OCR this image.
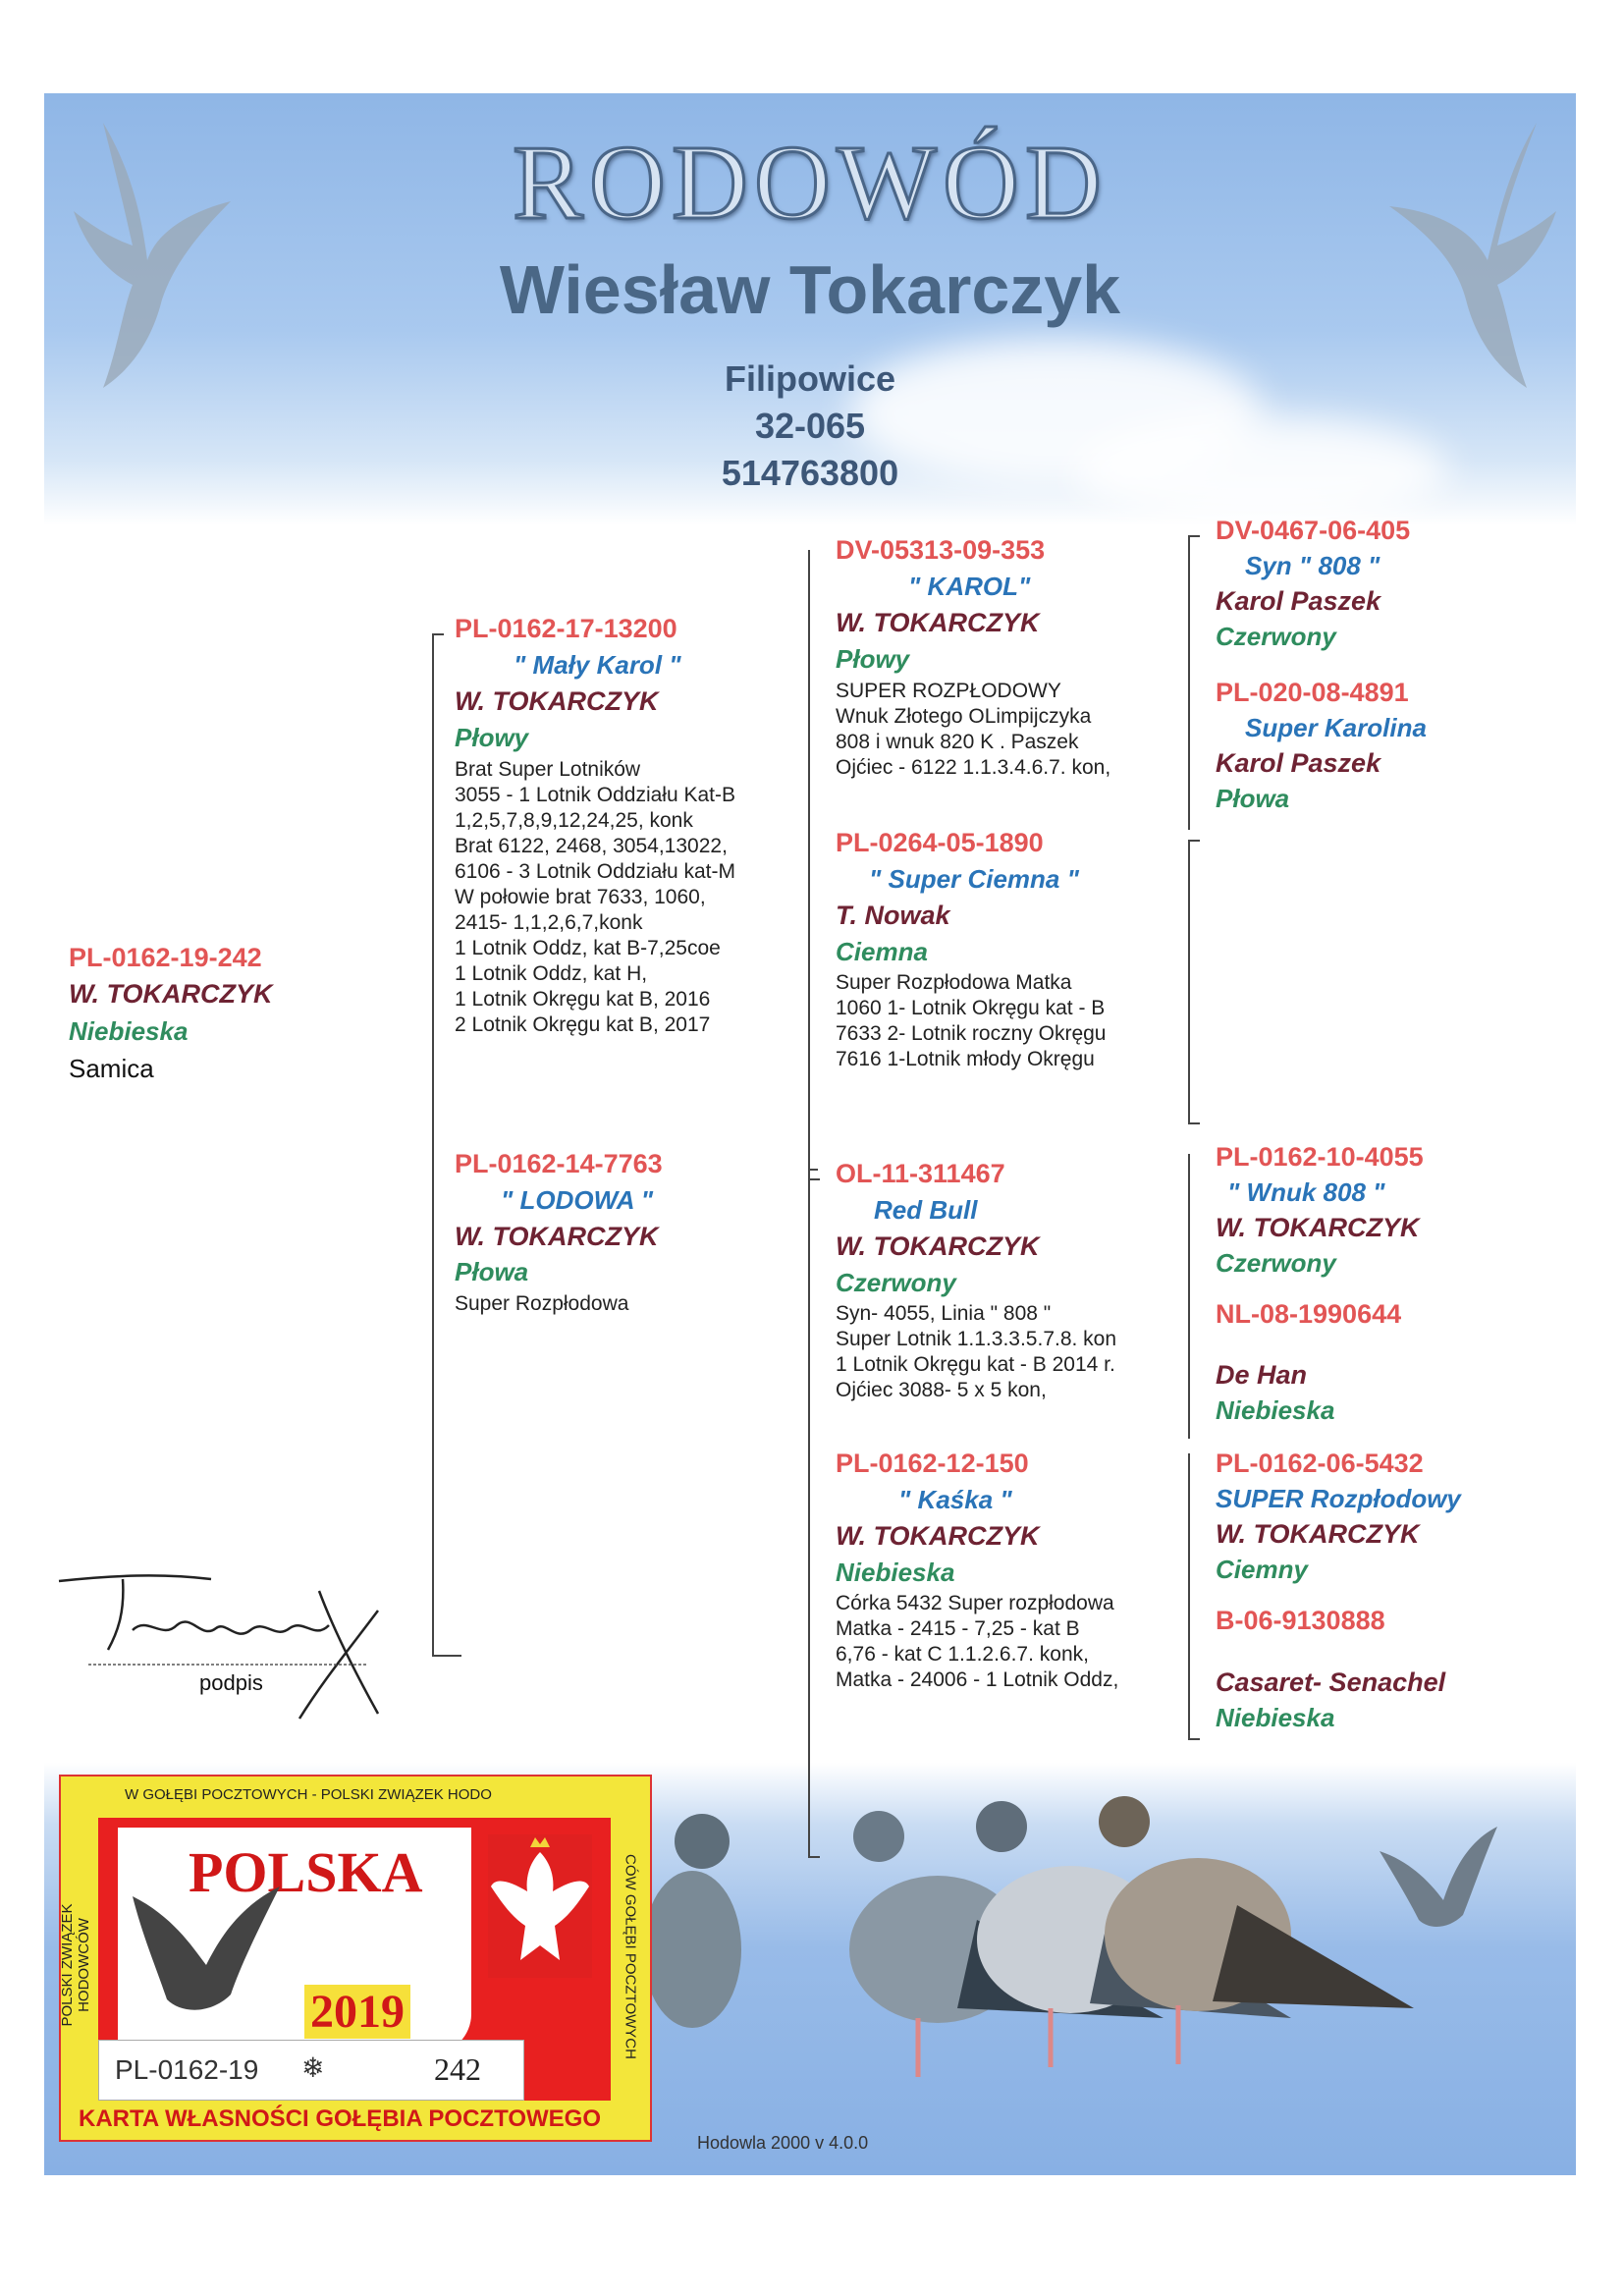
RODOWÓD
Wiesław Tokarczyk
Filipowice
32-065
514763800
PL-0162-19-242
W. TOKARCZYK
Niebieska
Samica
PL-0162-17-13200
" Mały Karol "
W. TOKARCZYK
Płowy
Brat Super Lotników
3055 - 1 Lotnik Oddziału Kat-B
1,2,5,7,8,9,12,24,25, konk
Brat 6122, 2468, 3054,13022,
6106 - 3 Lotnik Oddziału kat-M
W połowie brat 7633, 1060,
2415- 1,1,2,6,7,konk
1 Lotnik Oddz, kat B-7,25coe
1 Lotnik Oddz, kat H,
1 Lotnik Okręgu kat B, 2016
2 Lotnik Okręgu kat B, 2017
PL-0162-14-7763
" LODOWA "
W. TOKARCZYK
Płowa
Super Rozpłodowa
DV-05313-09-353
" KAROL"
W. TOKARCZYK
Płowy
SUPER ROZPŁODOWY
Wnuk Złotego OLimpijczyka
808 i wnuk 820 K . Paszek
Ojćiec - 6122 1.1.3.4.6.7. kon,
PL-0264-05-1890
" Super Ciemna "
T. Nowak
Ciemna
Super Rozpłodowa Matka
1060 1- Lotnik Okręgu kat - B
7633 2- Lotnik roczny Okręgu
7616 1-Lotnik młody Okręgu
OL-11-311467
Red Bull
W. TOKARCZYK
Czerwony
Syn- 4055, Linia " 808 "
Super Lotnik 1.1.3.3.5.7.8. kon
1 Lotnik Okręgu kat - B 2014 r.
Ojćiec 3088- 5 x 5 kon,
PL-0162-12-150
" Kaśka "
W. TOKARCZYK
Niebieska
Córka 5432 Super rozpłodowa
Matka - 2415 - 7,25 - kat B
6,76 - kat C 1.1.2.6.7. konk,
Matka - 24006 - 1 Lotnik Oddz,
DV-0467-06-405
Syn " 808 "
Karol Paszek
Czerwony
PL-020-08-4891
Super Karolina
Karol Paszek
Płowa
PL-0162-10-4055
" Wnuk 808 "
W. TOKARCZYK
Czerwony
NL-08-1990644
De Han
Niebieska
PL-0162-06-5432
SUPER Rozpłodowy
W. TOKARCZYK
Ciemny
B-06-9130888
Casaret- Senachel
Niebieska
podpis
W GOŁĘBI POCZTOWYCH - POLSKI ZWIĄZEK HODO
POLSKI ZWIĄZEK HODOWCÓW	CÓW GOŁĘBI POCZTOWYCH
POLSKA
2019
PL-0162-19 ❄	242
KARTA WŁASNOŚCI GOŁĘBIA POCZTOWEGO
Hodowla 2000 v 4.0.0
